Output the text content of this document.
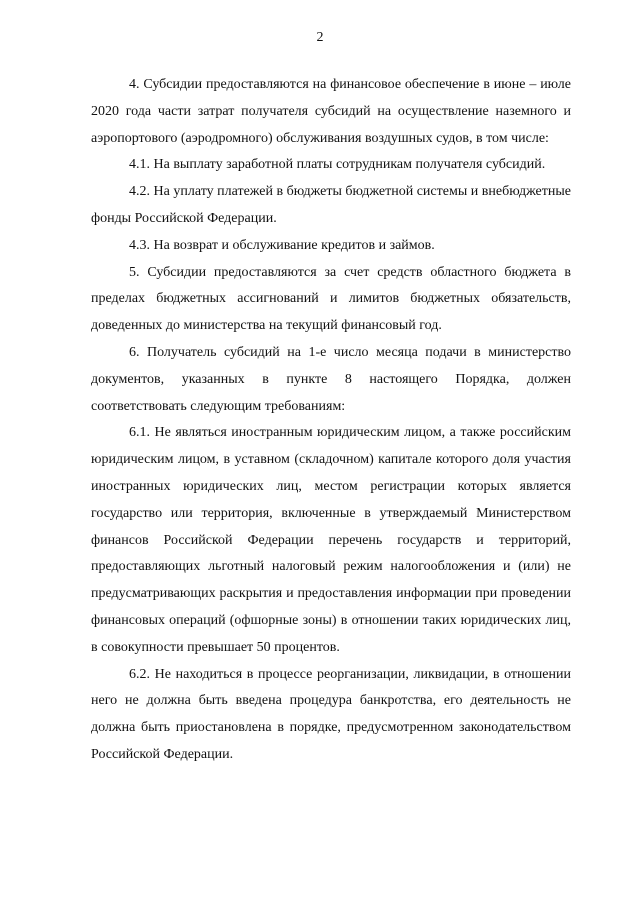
2

4. Субсидии предоставляются на финансовое обеспечение в июне – июле 2020 года части затрат получателя субсидий на осуществление наземного и аэропортового (аэродромного) обслуживания воздушных судов, в том числе:

4.1. На выплату заработной платы сотрудникам получателя субсидий.

4.2. На уплату платежей в бюджеты бюджетной системы и внебюджетные фонды Российской Федерации.

4.3. На возврат и обслуживание кредитов и займов.

5. Субсидии предоставляются за счет средств областного бюджета в пределах бюджетных ассигнований и лимитов бюджетных обязательств, доведенных до министерства на текущий финансовый год.

6. Получатель субсидий на 1-е число месяца подачи в министерство документов, указанных в пункте 8 настоящего Порядка, должен соответствовать следующим требованиям:

6.1. Не являться иностранным юридическим лицом, а также российским юридическим лицом, в уставном (складочном) капитале которого доля участия иностранных юридических лиц, местом регистрации которых является государство или территория, включенные в утверждаемый Министерством финансов Российской Федерации перечень государств и территорий, предоставляющих льготный налоговый режим налогообложения и (или) не предусматривающих раскрытия и предоставления информации при проведении финансовых операций (офшорные зоны) в отношении таких юридических лиц, в совокупности превышает 50 процентов.

6.2. Не находиться в процессе реорганизации, ликвидации, в отношении него не должна быть введена процедура банкротства, его деятельность не должна быть приостановлена в порядке, предусмотренном законодательством Российской Федерации.
